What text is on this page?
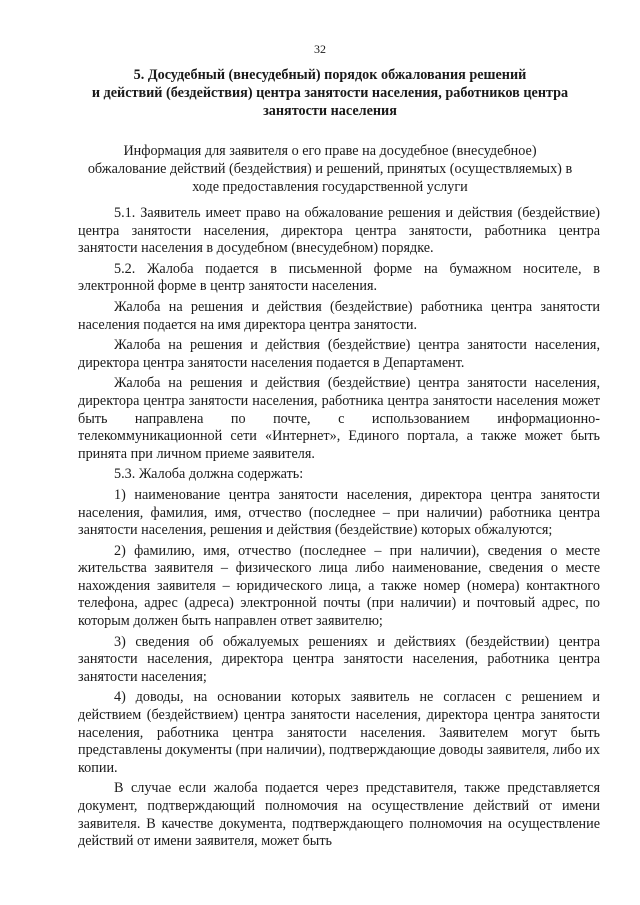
32
5. Досудебный (внесудебный) порядок обжалования решений
и действий (бездействия) центра занятости населения, работников центра
занятости населения
Информация для заявителя о его праве на досудебное (внесудебное)
обжалование действий (бездействия) и решений, принятых (осуществляемых) в
ходе предоставления государственной услуги

5.1. Заявитель имеет право на обжалование решения и действия (бездействие) центра занятости населения, директора центра занятости, работника центра занятости населения в досудебном (внесудебном) порядке.

5.2. Жалоба подается в письменной форме на бумажном носителе, в электронной форме в центр занятости населения.

Жалоба на решения и действия (бездействие) работника центра занятости населения подается на имя директора центра занятости.

Жалоба на решения и действия (бездействие) центра занятости населения, директора центра занятости населения подается в Департамент.

Жалоба на решения и действия (бездействие) центра занятости населения, директора центра занятости населения, работника центра занятости населения может быть направлена по почте, с использованием информационно-телекоммуникационной сети «Интернет», Единого портала, а также может быть принята при личном приеме заявителя.

5.3. Жалоба должна содержать:

1) наименование центра занятости населения, директора центра занятости населения, фамилия, имя, отчество (последнее – при наличии) работника центра занятости населения, решения и действия (бездействие) которых обжалуются;

2) фамилию, имя, отчество (последнее – при наличии), сведения о месте жительства заявителя – физического лица либо наименование, сведения о месте нахождения заявителя – юридического лица, а также номер (номера) контактного телефона, адрес (адреса) электронной почты (при наличии) и почтовый адрес, по которым должен быть направлен ответ заявителю;

3) сведения об обжалуемых решениях и действиях (бездействии) центра занятости населения, директора центра занятости населения, работника центра занятости населения;

4) доводы, на основании которых заявитель не согласен с решением и действием (бездействием) центра занятости населения, директора центра занятости населения, работника центра занятости населения. Заявителем могут быть представлены документы (при наличии), подтверждающие доводы заявителя, либо их копии.

В случае если жалоба подается через представителя, также представляется документ, подтверждающий полномочия на осуществление действий от имени заявителя. В качестве документа, подтверждающего полномочия на осуществление действий от имени заявителя, может быть
